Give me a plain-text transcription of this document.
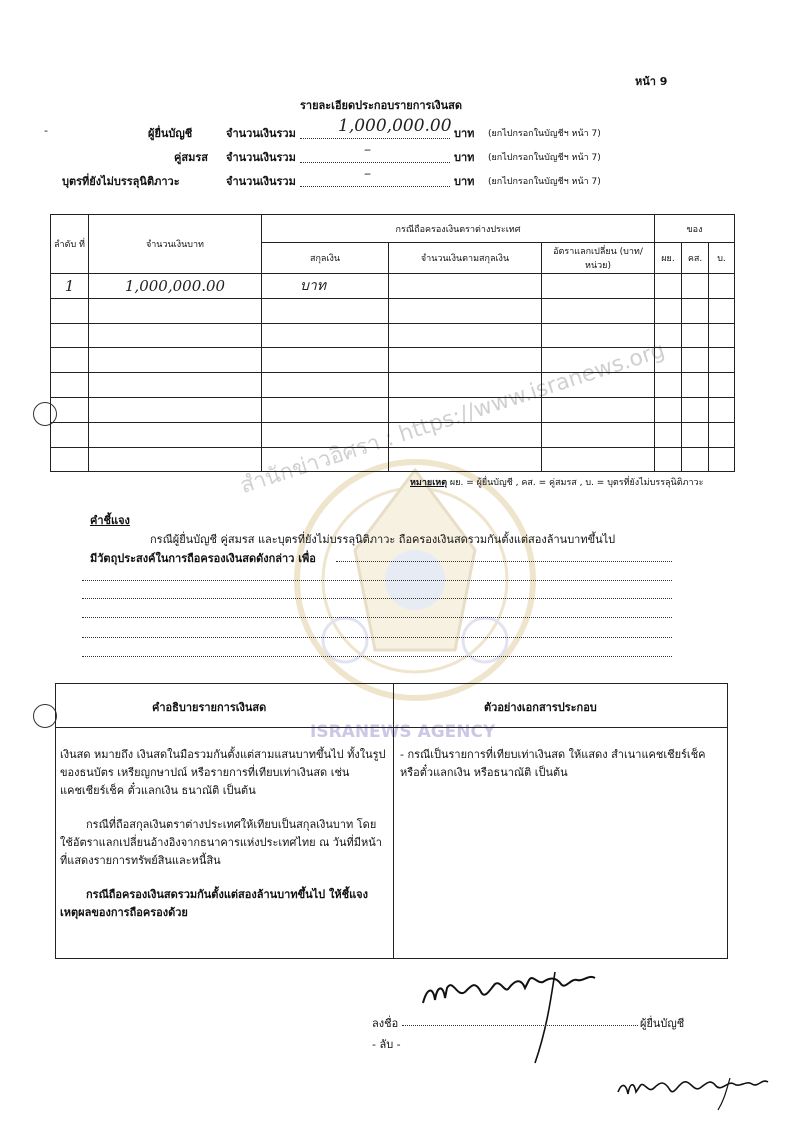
สำนักข่าวอิศรา : https://www.isranews.org
ISRANEWS AGENCY
หน้า 9
รายละเอียดประกอบรายการเงินสด
-	ผู้ยื่นบัญชี	จำนวนเงินรวม 1,000,000.00 บาท (ยกไปกรอกในบัญชีฯ หน้า 7)
คู่สมรส จำนวนเงินรวม	–	บาท (ยกไปกรอกในบัญชีฯ หน้า 7)
บุตรที่ยังไม่บรรลุนิติภาวะ	จำนวนเงินรวม	–	บาท (ยกไปกรอกในบัญชีฯ หน้า 7)
ลำดับ ที่	จำนวนเงินบาท	กรณีถือครองเงินตราต่างประเทศ			ของ		
		สกุลเงิน	จำนวนเงินตามสกุลเงิน	อัตราแลกเปลี่ยน (บาท/หน่วย)	ผย.	คส.	บ.
1	1,000,000.00	บาท					

หมายเหตุ ผย. = ผู้ยื่นบัญชี , คส. = คู่สมรส , บ. = บุตรที่ยังไม่บรรลุนิติภาวะ
คำชี้แจง
กรณีผู้ยื่นบัญชี คู่สมรส และบุตรที่ยังไม่บรรลุนิติภาวะ ถือครองเงินสดรวมกันตั้งแต่สองล้านบาทขึ้นไป
มีวัตถุประสงค์ในการถือครองเงินสดดังกล่าว เพื่อ
คำอธิบายรายการเงินสด	ตัวอย่างเอกสารประกอบ

เงินสด หมายถึง เงินสดในมือรวมกันตั้งแต่สามแสนบาทขึ้นไป ทั้งในรูปของธนบัตร เหรียญกษาปณ์ หรือรายการที่เทียบเท่าเงินสด เช่น แคชเชียร์เช็ค ตั๋วแลกเงิน ธนาณัติ เป็นต้น

กรณีที่ถือสกุลเงินตราต่างประเทศให้เทียบเป็นสกุลเงินบาท โดยใช้อัตราแลกเปลี่ยนอ้างอิงจากธนาคารแห่งประเทศไทย ณ วันที่มีหน้าที่แสดงรายการทรัพย์สินและหนี้สิน

กรณีถือครองเงินสดรวมกันตั้งแต่สองล้านบาทขึ้นไป ให้ชี้แจงเหตุผลของการถือครองด้วย

- กรณีเป็นรายการที่เทียบเท่าเงินสด ให้แสดง สำเนาแคชเชียร์เช็ค หรือตั๋วแลกเงิน หรือธนาณัติ เป็นต้น

ลงชื่อ	ผู้ยื่นบัญชี
- ลับ -
